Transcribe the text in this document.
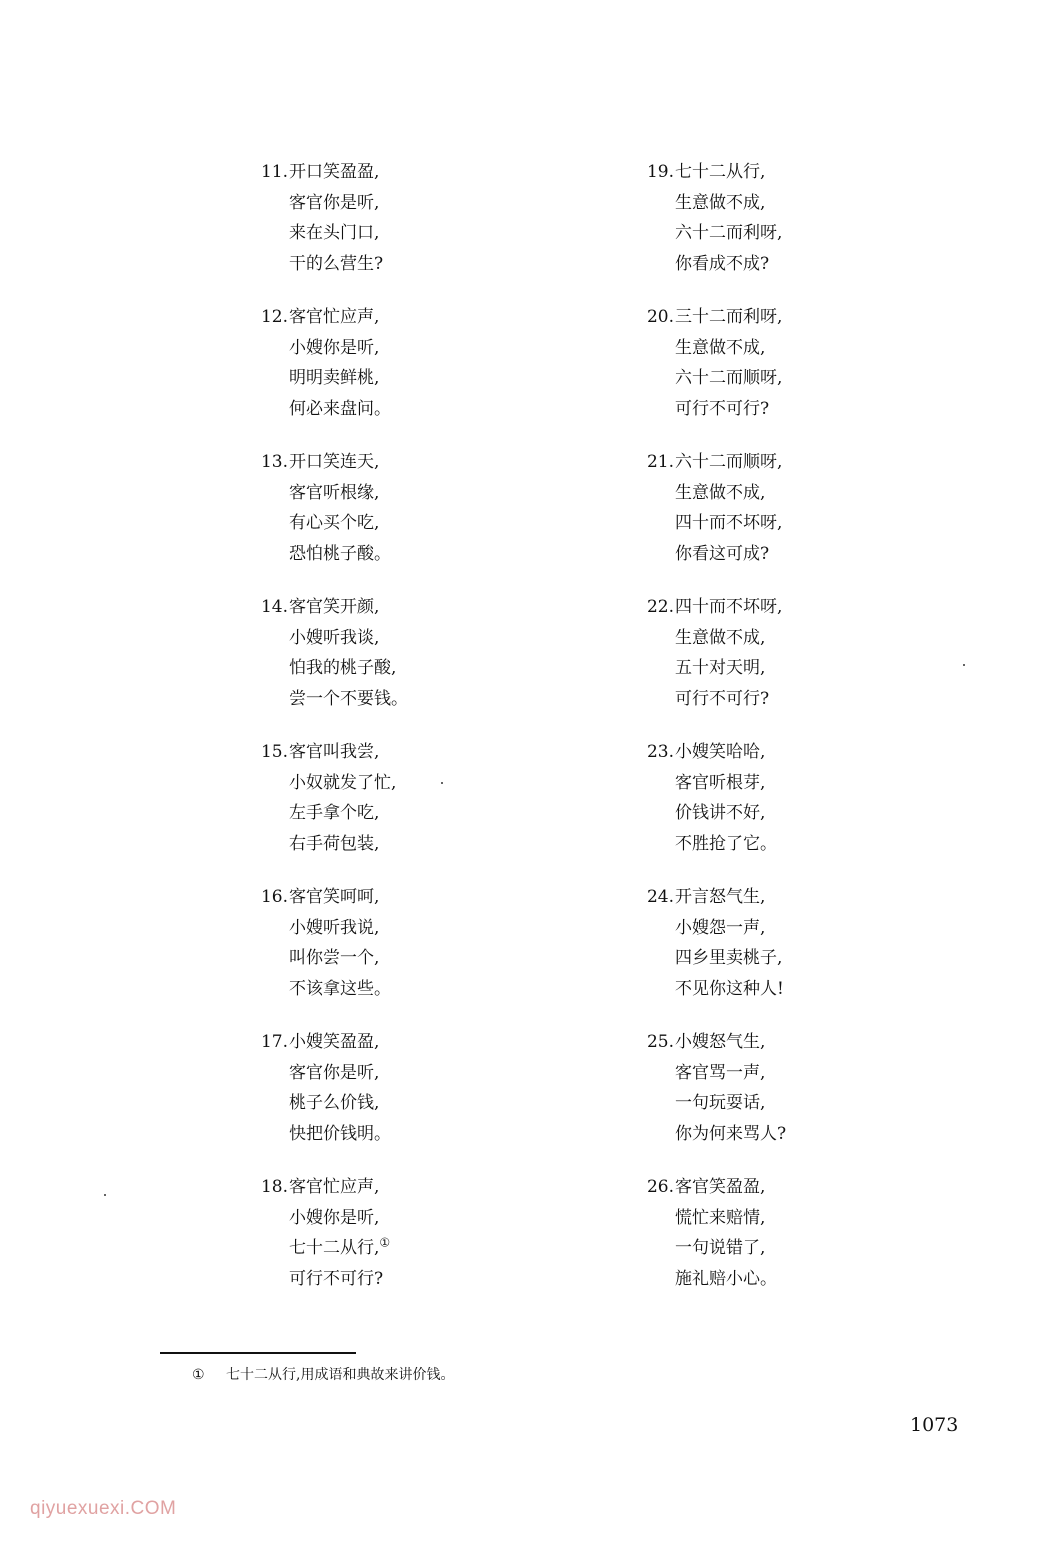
11.开口笑盈盈,
客官你是听,
来在头门口,
干的么营生?
12.客官忙应声,
小嫂你是听,
明明卖鲜桃,
何必来盘问。
13.开口笑连天,
客官听根缘,
有心买个吃,
恐怕桃子酸。
14.客官笑开颜,
小嫂听我谈,
怕我的桃子酸,
尝一个不要钱。
15.客官叫我尝,
小奴就发了忙,
左手拿个吃,
右手荷包装,
16.客官笑呵呵,
小嫂听我说,
叫你尝一个,
不该拿这些。
17.小嫂笑盈盈,
客官你是听,
桃子么价钱,
快把价钱明。
18.客官忙应声,
小嫂你是听,
七十二从行,①
可行不可行?
19.七十二从行,
生意做不成,
六十二而利呀,
你看成不成?
20.三十二而利呀,
生意做不成,
六十二而顺呀,
可行不可行?
21.六十二而顺呀,
生意做不成,
四十而不坏呀,
你看这可成?
22.四十而不坏呀,
生意做不成,
五十对天明,
可行不可行?
23.小嫂笑哈哈,
客官听根芽,
价钱讲不好,
不胜抢了它。
24.开言怒气生,
小嫂怨一声,
四乡里卖桃子,
不见你这种人!
25.小嫂怒气生,
客官骂一声,
一句玩耍话,
你为何来骂人?
26.客官笑盈盈,
慌忙来赔情,
一句说错了,
施礼赔小心。
① 七十二从行,用成语和典故来讲价钱。
1073
qiyuexuexi.COM
